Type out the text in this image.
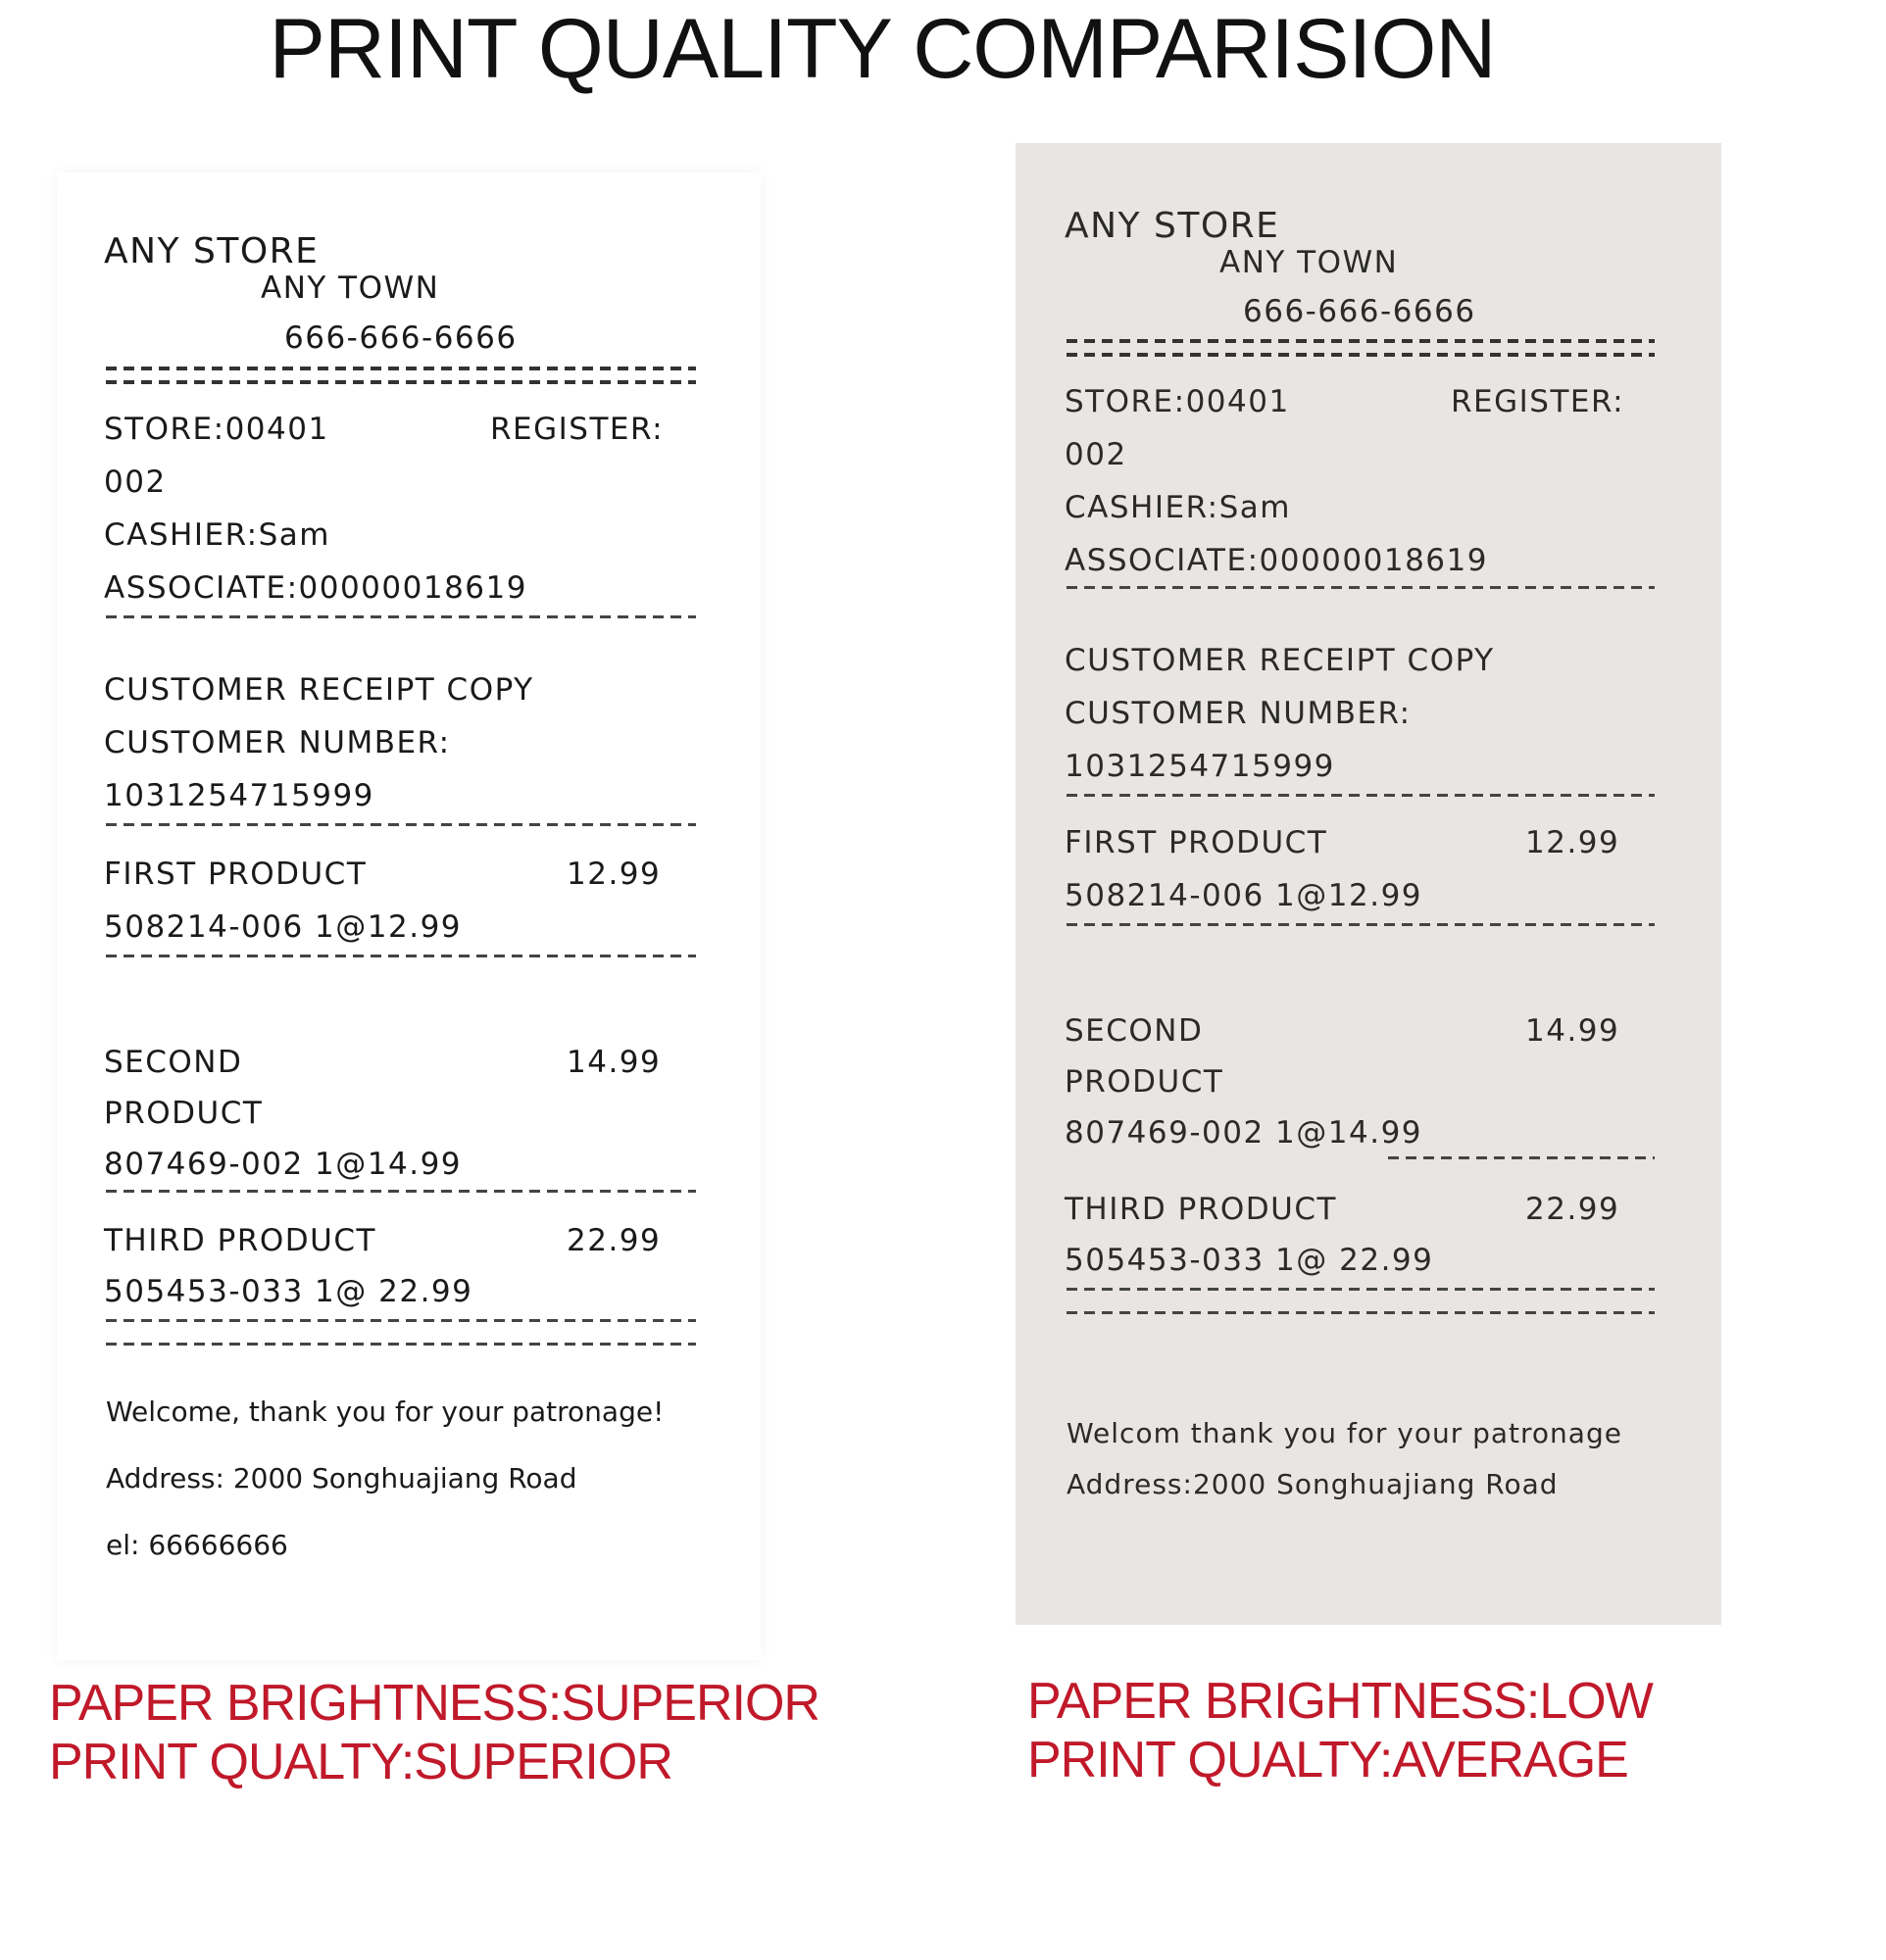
PRINT QUALITY COMPARISION
ANY STORE
ANY TOWN
666-666-6666
STORE:00401	REGISTER:
002
CASHIER:Sam
ASSOCIATE:00000018619
CUSTOMER RECEIPT COPY
CUSTOMER NUMBER:
1031254715999
FIRST PRODUCT	12.99
508214-006 1@12.99
SECOND	14.99
PRODUCT
807469-002 1@14.99
THIRD PRODUCT	22.99
505453-033 1@ 22.99
Welcome, thank you for your patronage!
Address: 2000 Songhuajiang Road
el: 66666666
ANY STORE
ANY TOWN
666-666-6666
STORE:00401	REGISTER:
002
CASHIER:Sam
ASSOCIATE:00000018619
CUSTOMER RECEIPT COPY
CUSTOMER NUMBER:
1031254715999
FIRST PRODUCT	12.99
508214-006 1@12.99
SECOND	14.99
PRODUCT
807469-002 1@14.99
THIRD PRODUCT	22.99
505453-033 1@ 22.99
Welcom thank you for your patronage
Address:2000 Songhuajiang Road
PAPER BRIGHTNESS:SUPERIOR
PRINT QUALTY:SUPERIOR
PAPER BRIGHTNESS:LOW
PRINT QUALTY:AVERAGE
